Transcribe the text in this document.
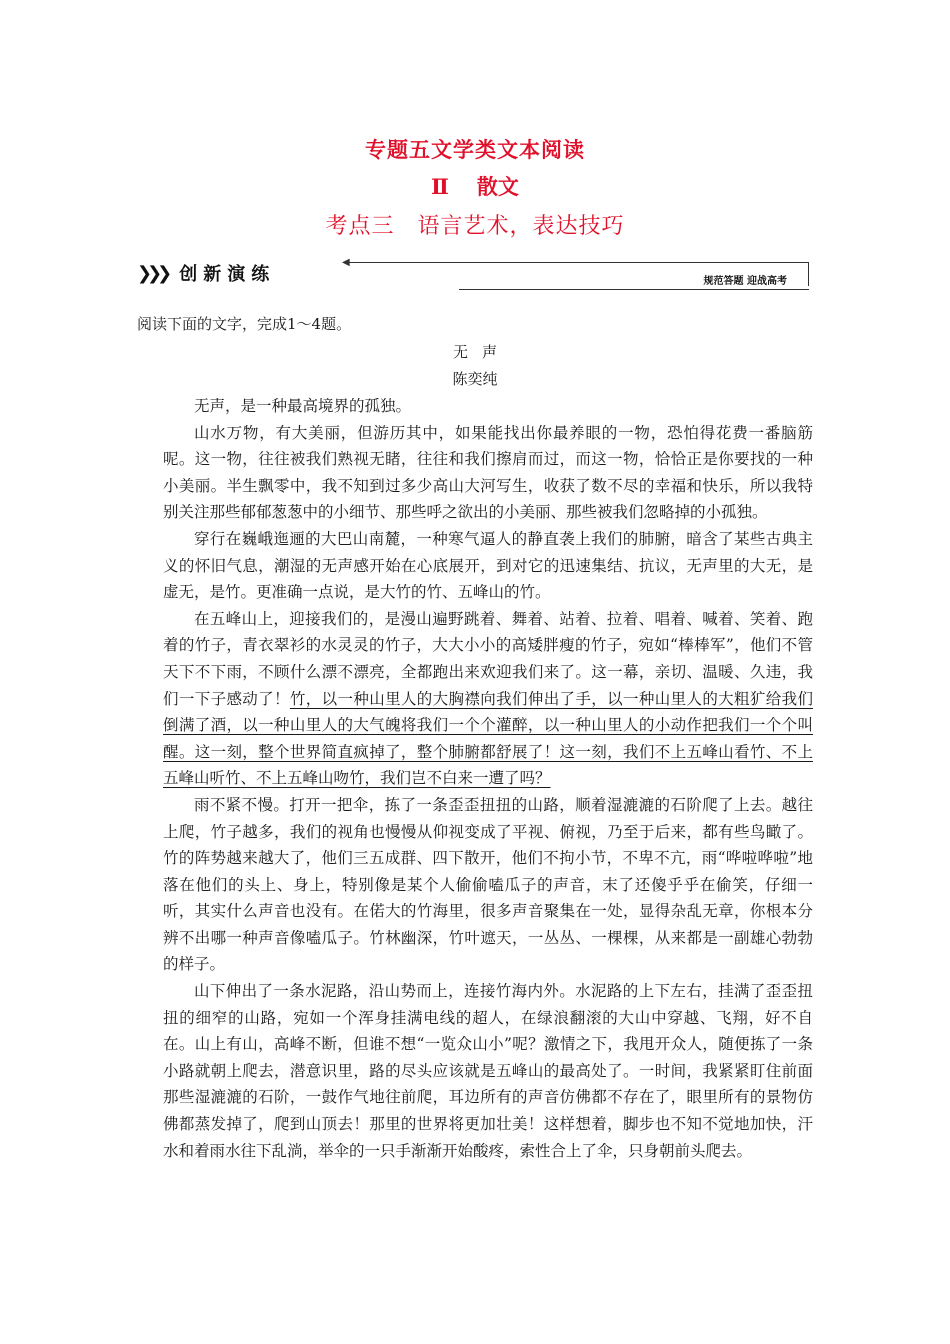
专题五文学类文本阅读
Ⅱ 散文
考点三　语言艺术，表达技巧
❯❯❯ 创新演练
◀
规范答题 迎战高考
阅读下面的文字，完成1～4题。
无 声
陈奕纯

无声，是一种最高境界的孤独。

山水万物，有大美丽，但游历其中，如果能找出你最养眼的一物，恐怕得花费一番脑筋呢。这一物，往往被我们熟视无睹，往往和我们擦肩而过，而这一物，恰恰正是你要找的一种小美丽。半生飘零中，我不知到过多少高山大河写生，收获了数不尽的幸福和快乐，所以我特别关注那些郁郁葱葱中的小细节、那些呼之欲出的小美丽、那些被我们忽略掉的小孤独。

穿行在巍峨迤逦的大巴山南麓，一种寒气逼人的静直袭上我们的肺腑，暗含了某些古典主义的怀旧气息，潮湿的无声感开始在心底展开，到对它的迅速集结、抗议，无声里的大无，是虚无，是竹。更准确一点说，是大竹的竹、五峰山的竹。

在五峰山上，迎接我们的，是漫山遍野跳着、舞着、站着、拉着、唱着、喊着、笑着、跑着的竹子，青衣翠衫的水灵灵的竹子，大大小小的高矮胖瘦的竹子，宛如“棒棒军”，他们不管天下不下雨，不顾什么漂不漂亮，全都跑出来欢迎我们来了。这一幕，亲切、温暖、久违，我们一下子感动了！竹，以一种山里人的大胸襟向我们伸出了手，以一种山里人的大粗犷给我们倒满了酒，以一种山里人的大气魄将我们一个个灌醉，以一种山里人的小动作把我们一个个叫醒。这一刻，整个世界简直疯掉了，整个肺腑都舒展了！这一刻，我们不上五峰山看竹、不上五峰山听竹、不上五峰山吻竹，我们岂不白来一遭了吗？

雨不紧不慢。打开一把伞，拣了一条歪歪扭扭的山路，顺着湿漉漉的石阶爬了上去。越往上爬，竹子越多，我们的视角也慢慢从仰视变成了平视、俯视，乃至于后来，都有些鸟瞰了。竹的阵势越来越大了，他们三五成群、四下散开，他们不拘小节，不卑不亢，雨“哗啦哗啦”地落在他们的头上、身上，特别像是某个人偷偷嗑瓜子的声音，末了还傻乎乎在偷笑，仔细一听，其实什么声音也没有。在偌大的竹海里，很多声音聚集在一处，显得杂乱无章，你根本分辨不出哪一种声音像嗑瓜子。竹林幽深，竹叶遮天，一丛丛、一棵棵，从来都是一副雄心勃勃的样子。

山下伸出了一条水泥路，沿山势而上，连接竹海内外。水泥路的上下左右，挂满了歪歪扭扭的细窄的山路，宛如一个浑身挂满电线的超人，在绿浪翻滚的大山中穿越、飞翔，好不自在。山上有山，高峰不断，但谁不想“一览众山小”呢？激情之下，我甩开众人，随便拣了一条小路就朝上爬去，潜意识里，路的尽头应该就是五峰山的最高处了。一时间，我紧紧盯住前面那些湿漉漉的石阶，一鼓作气地往前爬，耳边所有的声音仿佛都不存在了，眼里所有的景物仿佛都蒸发掉了，爬到山顶去！那里的世界将更加壮美！这样想着，脚步也不知不觉地加快，汗水和着雨水往下乱淌，举伞的一只手渐渐开始酸疼，索性合上了伞，只身朝前头爬去。
